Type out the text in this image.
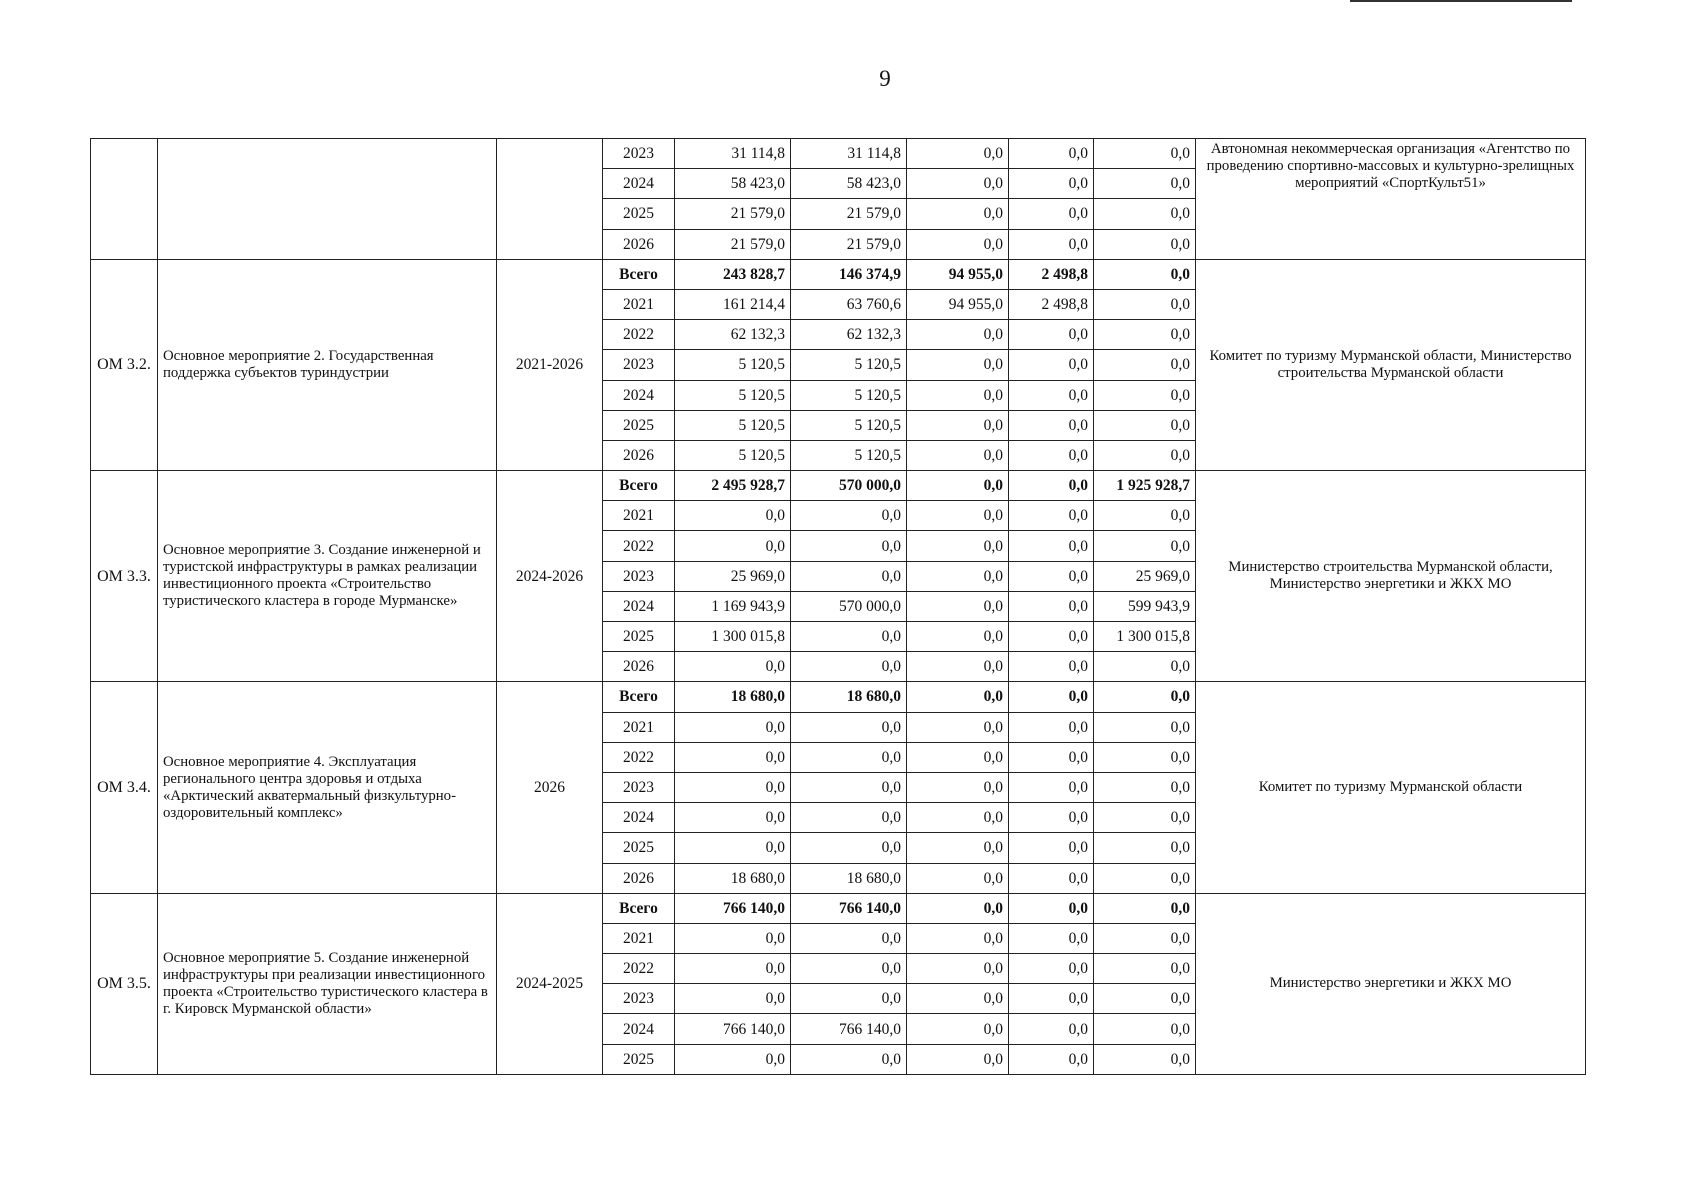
9
			2023	31 114,8	31 114,8	0,0	0,0	0,0	Автономная некоммерческая организация «Агентство по проведению спортивно-массовых и культурно-зрелищных мероприятий «СпортКульт51»
			2024	58 423,0	58 423,0	0,0	0,0	0,0	
			2025	21 579,0	21 579,0	0,0	0,0	0,0	
			2026	21 579,0	21 579,0	0,0	0,0	0,0	
ОМ 3.2.	Основное мероприятие 2. Государственная поддержка субъектов туриндустрии	2021-2026	Всего	243 828,7	146 374,9	94 955,0	2 498,8	0,0	Комитет по туризму Мурманской области, Министерство строительства Мурманской области
			2021	161 214,4	63 760,6	94 955,0	2 498,8	0,0	
			2022	62 132,3	62 132,3	0,0	0,0	0,0	
			2023	5 120,5	5 120,5	0,0	0,0	0,0	
			2024	5 120,5	5 120,5	0,0	0,0	0,0	
			2025	5 120,5	5 120,5	0,0	0,0	0,0	
			2026	5 120,5	5 120,5	0,0	0,0	0,0	
ОМ 3.3.	Основное мероприятие 3. Создание инженерной и туристской инфраструктуры в рамках реализации инвестиционного проекта «Строительство туристического кластера в городе Мурманске»	2024-2026	Всего	2 495 928,7	570 000,0	0,0	0,0	1 925 928,7	Министерство строительства Мурманской области, Министерство энергетики и ЖКХ МО
			2021	0,0	0,0	0,0	0,0	0,0	
			2022	0,0	0,0	0,0	0,0	0,0	
			2023	25 969,0	0,0	0,0	0,0	25 969,0	
			2024	1 169 943,9	570 000,0	0,0	0,0	599 943,9	
			2025	1 300 015,8	0,0	0,0	0,0	1 300 015,8	
			2026	0,0	0,0	0,0	0,0	0,0	
ОМ 3.4.	Основное мероприятие 4. Эксплуатация регионального центра здоровья и отдыха «Арктический акватермальный физкультурно-оздоровительный комплекс»	2026	Всего	18 680,0	18 680,0	0,0	0,0	0,0	Комитет по туризму Мурманской области
			2021	0,0	0,0	0,0	0,0	0,0	
			2022	0,0	0,0	0,0	0,0	0,0	
			2023	0,0	0,0	0,0	0,0	0,0	
			2024	0,0	0,0	0,0	0,0	0,0	
			2025	0,0	0,0	0,0	0,0	0,0	
			2026	18 680,0	18 680,0	0,0	0,0	0,0	
ОМ 3.5.	Основное мероприятие 5. Создание инженерной инфраструктуры при реализации инвестиционного проекта «Строительство туристического кластера в г. Кировск Мурманской области»	2024-2025	Всего	766 140,0	766 140,0	0,0	0,0	0,0	Министерство энергетики и ЖКХ МО
			2021	0,0	0,0	0,0	0,0	0,0	
			2022	0,0	0,0	0,0	0,0	0,0	
			2023	0,0	0,0	0,0	0,0	0,0	
			2024	766 140,0	766 140,0	0,0	0,0	0,0	
			2025	0,0	0,0	0,0	0,0	0,0	
